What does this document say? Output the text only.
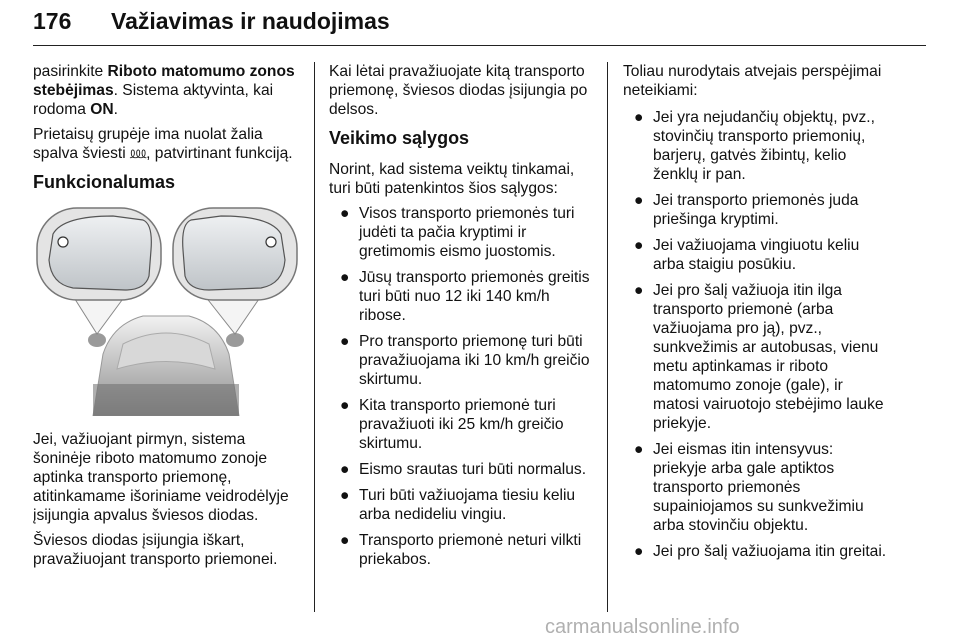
176 Važiavimas ir naudojimas

pasirinkite Riboto matomumo zonos stebėjimas. Sistema aktyvinta, kai rodoma ON.

Prietaisų grupėje ima nuolat žalia spalva šviesti ⅏, patvirtinant funkciją.

Funkcionalumas

Jei, važiuojant pirmyn, sistema šoninėje riboto matomumo zonoje aptinka transporto priemonę, atitinkamame išoriniame veidrodėlyje įsijungia apvalus šviesos diodas.

Šviesos diodas įsijungia iškart, pravažiuojant transporto priemonei.

Kai lėtai pravažiuojate kitą transporto priemonę, šviesos diodas įsijungia po delsos.

Veikimo sąlygos

Norint, kad sistema veiktų tinkamai, turi būti patenkintos šios sąlygos:

● Visos transporto priemonės turi judėti ta pačia kryptimi ir gretimomis eismo juostomis.
● Jūsų transporto priemonės greitis turi būti nuo 12 iki 140 km/h ribose.
● Pro transporto priemonę turi būti pravažiuojama iki 10 km/h greičio skirtumu.
● Kita transporto priemonė turi pravažiuoti iki 25 km/h greičio skirtumu.
● Eismo srautas turi būti normalus.
● Turi būti važiuojama tiesiu keliu arba nedideliu vingiu.
● Transporto priemonė neturi vilkti priekabos.

Toliau nurodytais atvejais perspėjimai neteikiami:

● Jei yra nejudančių objektų, pvz., stovinčių transporto priemonių, barjerų, gatvės žibintų, kelio ženklų ir pan.
● Jei transporto priemonės juda priešinga kryptimi.
● Jei važiuojama vingiuotu keliu arba staigiu posūkiu.
● Jei pro šalį važiuoja itin ilga transporto priemonė (arba važiuojama pro ją), pvz., sunkvežimis ar autobusas, vienu metu aptinkamas ir riboto matomumo zonoje (gale), ir matosi vairuotojo stebėjimo lauke priekyje.
● Jei eismas itin intensyvus: priekyje arba gale aptiktos transporto priemonės supainiojamos su sunkvežimiu arba stovinčiu objektu.
● Jei pro šalį važiuojama itin greitai.
carmanualsonline.info
